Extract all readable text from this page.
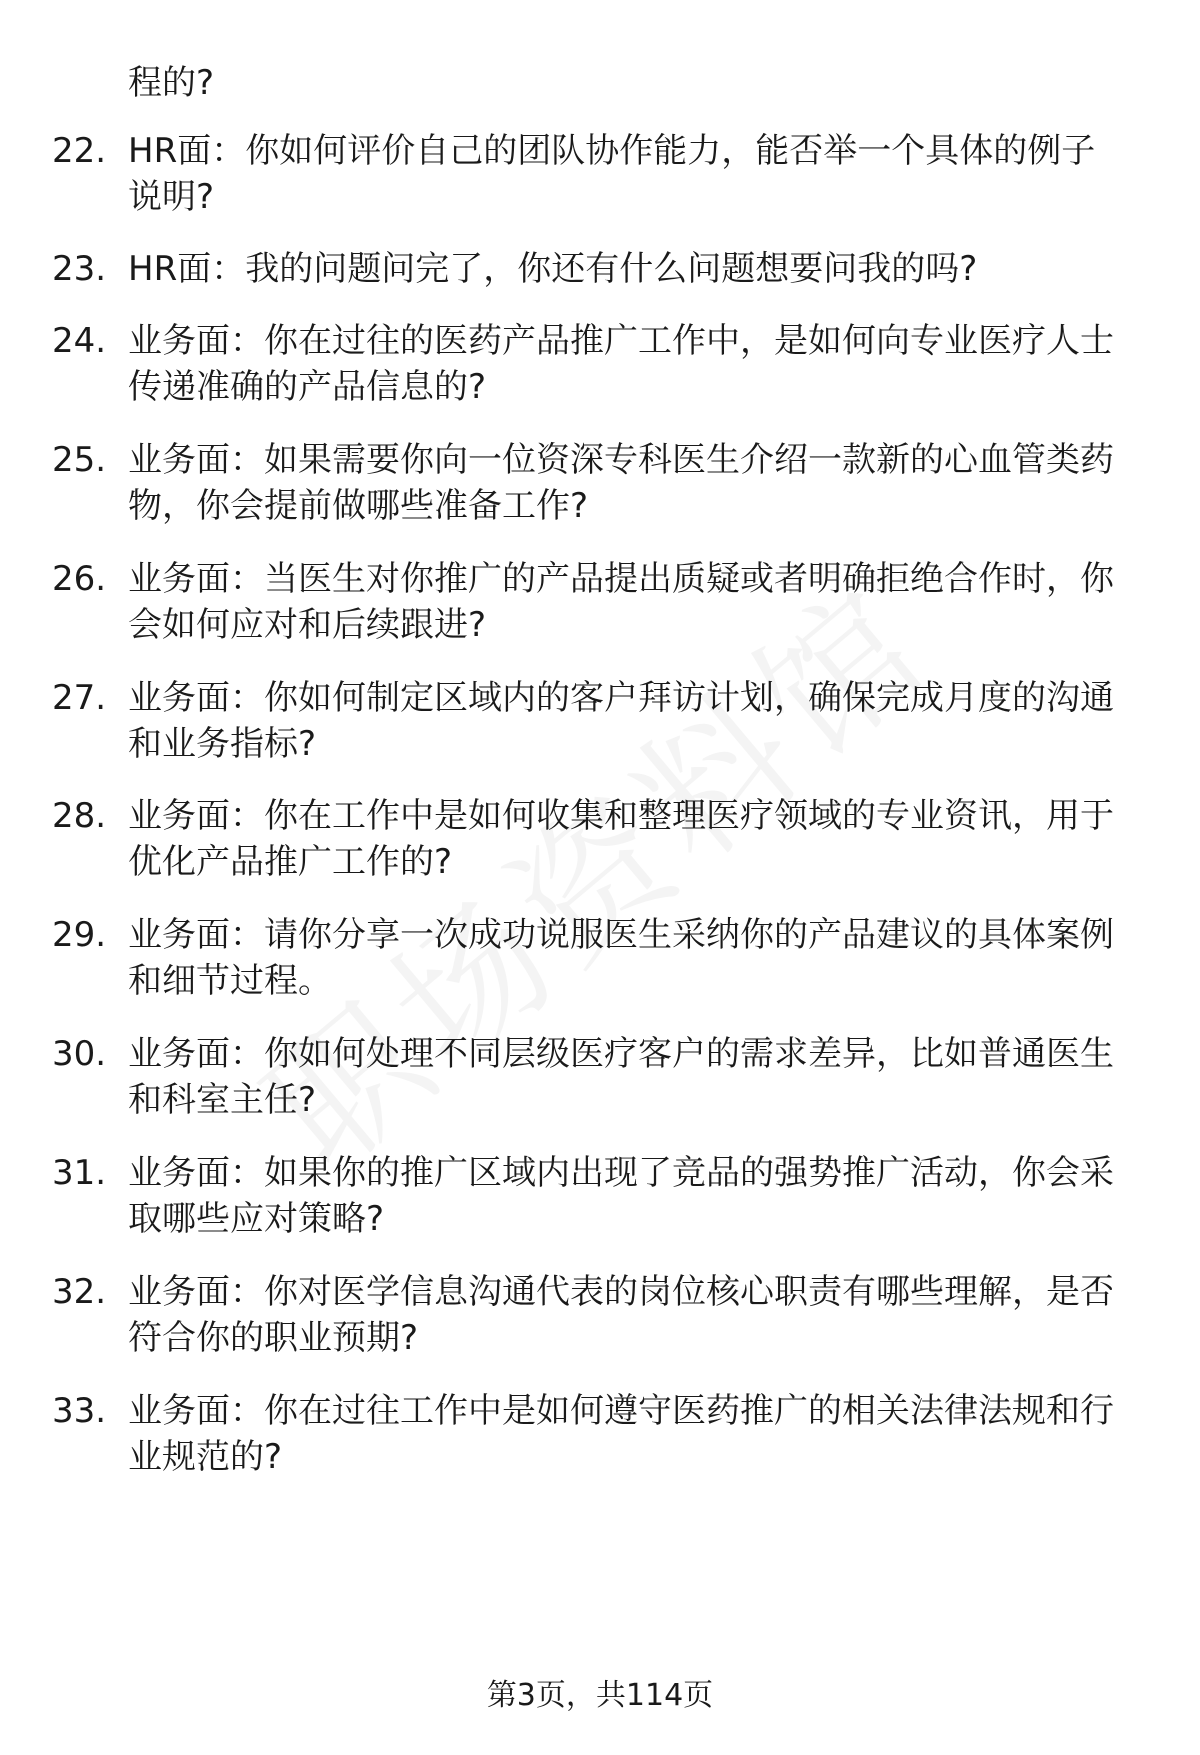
程的?
22. HR面：你如何评价自己的团队协作能力，能否举一个具体的例子说明?
23. HR面：我的问题问完了，你还有什么问题想要问我的吗?
24. 业务面：你在过往的医药产品推广工作中，是如何向专业医疗人士传递准确的产品信息的?
25. 业务面：如果需要你向一位资深专科医生介绍一款新的心血管类药物，你会提前做哪些准备工作?
26. 业务面：当医生对你推广的产品提出质疑或者明确拒绝合作时，你会如何应对和后续跟进?
27. 业务面：你如何制定区域内的客户拜访计划，确保完成月度的沟通和业务指标?
28. 业务面：你在工作中是如何收集和整理医疗领域的专业资讯，用于优化产品推广工作的?
29. 业务面：请你分享一次成功说服医生采纳你的产品建议的具体案例和细节过程。
30. 业务面：你如何处理不同层级医疗客户的需求差异，比如普通医生和科室主任?
31. 业务面：如果你的推广区域内出现了竞品的强势推广活动，你会采取哪些应对策略?
32. 业务面：你对医学信息沟通代表的岗位核心职责有哪些理解，是否符合你的职业预期?
33. 业务面：你在过往工作中是如何遵守医药推广的相关法律法规和行业规范的?
第3页，共114页
